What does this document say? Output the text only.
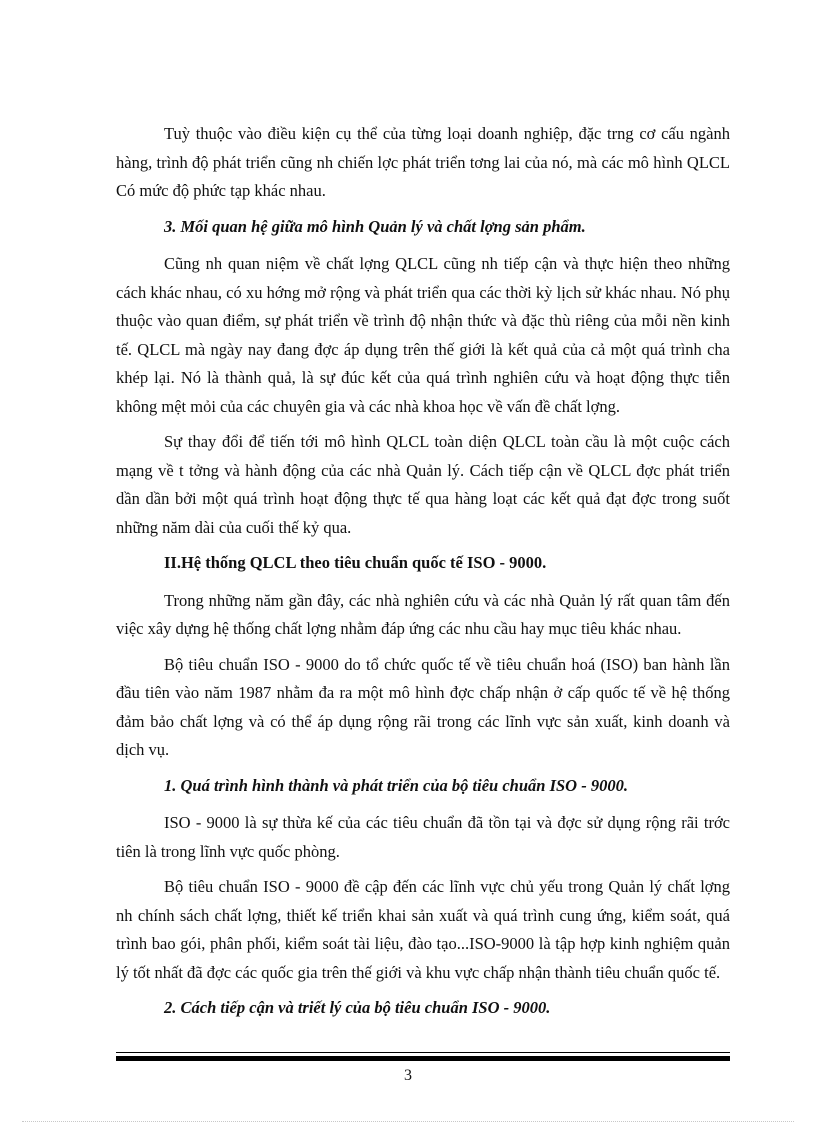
Tuỳ thuộc vào điều kiện cụ thể của từng loại doanh nghiệp, đặc trng cơ cấu ngành hàng, trình độ phát triển cũng nh chiến lợc phát triển tơng lai của nó, mà các mô hình QLCL Có mức độ phức tạp khác nhau.

3. Mối quan hệ giữa mô hình Quản lý và chất lợng sản phẩm.

Cũng nh quan niệm về chất lợng QLCL cũng nh tiếp cận và thực hiện theo những cách khác nhau, có xu hớng mở rộng và phát triển qua các thời kỳ lịch sử khác nhau. Nó phụ thuộc vào quan điểm, sự phát triển về trình độ nhận thức và đặc thù riêng của mỗi nền kinh tế. QLCL mà ngày nay đang đợc áp dụng trên thế giới là kết quả của cả một quá trình cha khép lại. Nó là thành quả, là sự đúc kết của quá trình nghiên cứu và hoạt động thực tiễn không mệt mỏi của các chuyên gia và các nhà khoa học về vấn đề chất lợng.

Sự thay đổi để tiến tới mô hình QLCL toàn diện QLCL toàn cầu là một cuộc cách mạng về t tởng và hành động của các nhà Quản lý. Cách tiếp cận về QLCL đợc phát triển dần dần bởi một quá trình hoạt động thực tế qua hàng loạt các kết quả đạt đợc trong suốt những năm dài của cuối thế kỷ qua.

II.Hệ thống QLCL theo tiêu chuẩn quốc tế ISO - 9000.

Trong những năm gần đây, các nhà nghiên cứu và các nhà Quản lý rất quan tâm đến việc xây dựng hệ thống chất lợng nhằm đáp ứng các nhu cầu hay mục tiêu khác nhau.

Bộ tiêu chuẩn ISO - 9000 do tổ chức quốc tế về tiêu chuẩn hoá (ISO) ban hành lần đầu tiên vào năm 1987 nhằm đa ra một mô hình đợc chấp nhận ở cấp quốc tế về hệ thống đảm bảo chất lợng và có thể áp dụng rộng rãi trong các lĩnh vực sản xuất, kinh doanh và dịch vụ.

1. Quá trình hình thành và phát triển của bộ tiêu chuẩn ISO - 9000.

ISO - 9000 là sự thừa kế của các tiêu chuẩn đã tồn tại và đợc sử dụng rộng rãi trớc tiên là trong lĩnh vực quốc phòng.

Bộ tiêu chuẩn ISO - 9000 đề cập đến các lĩnh vực chủ yếu trong Quản lý chất lợng nh chính sách chất lợng, thiết kế triển khai sản xuất và quá trình cung ứng, kiểm soát, quá trình bao gói, phân phối, kiểm soát tài liệu, đào tạo...ISO-9000 là tập hợp kinh nghiệm quản lý tốt nhất đã đợc các quốc gia trên thế giới và khu vực chấp nhận thành tiêu chuẩn quốc tế.

2. Cách tiếp cận và triết lý của bộ tiêu chuẩn ISO - 9000.
3
